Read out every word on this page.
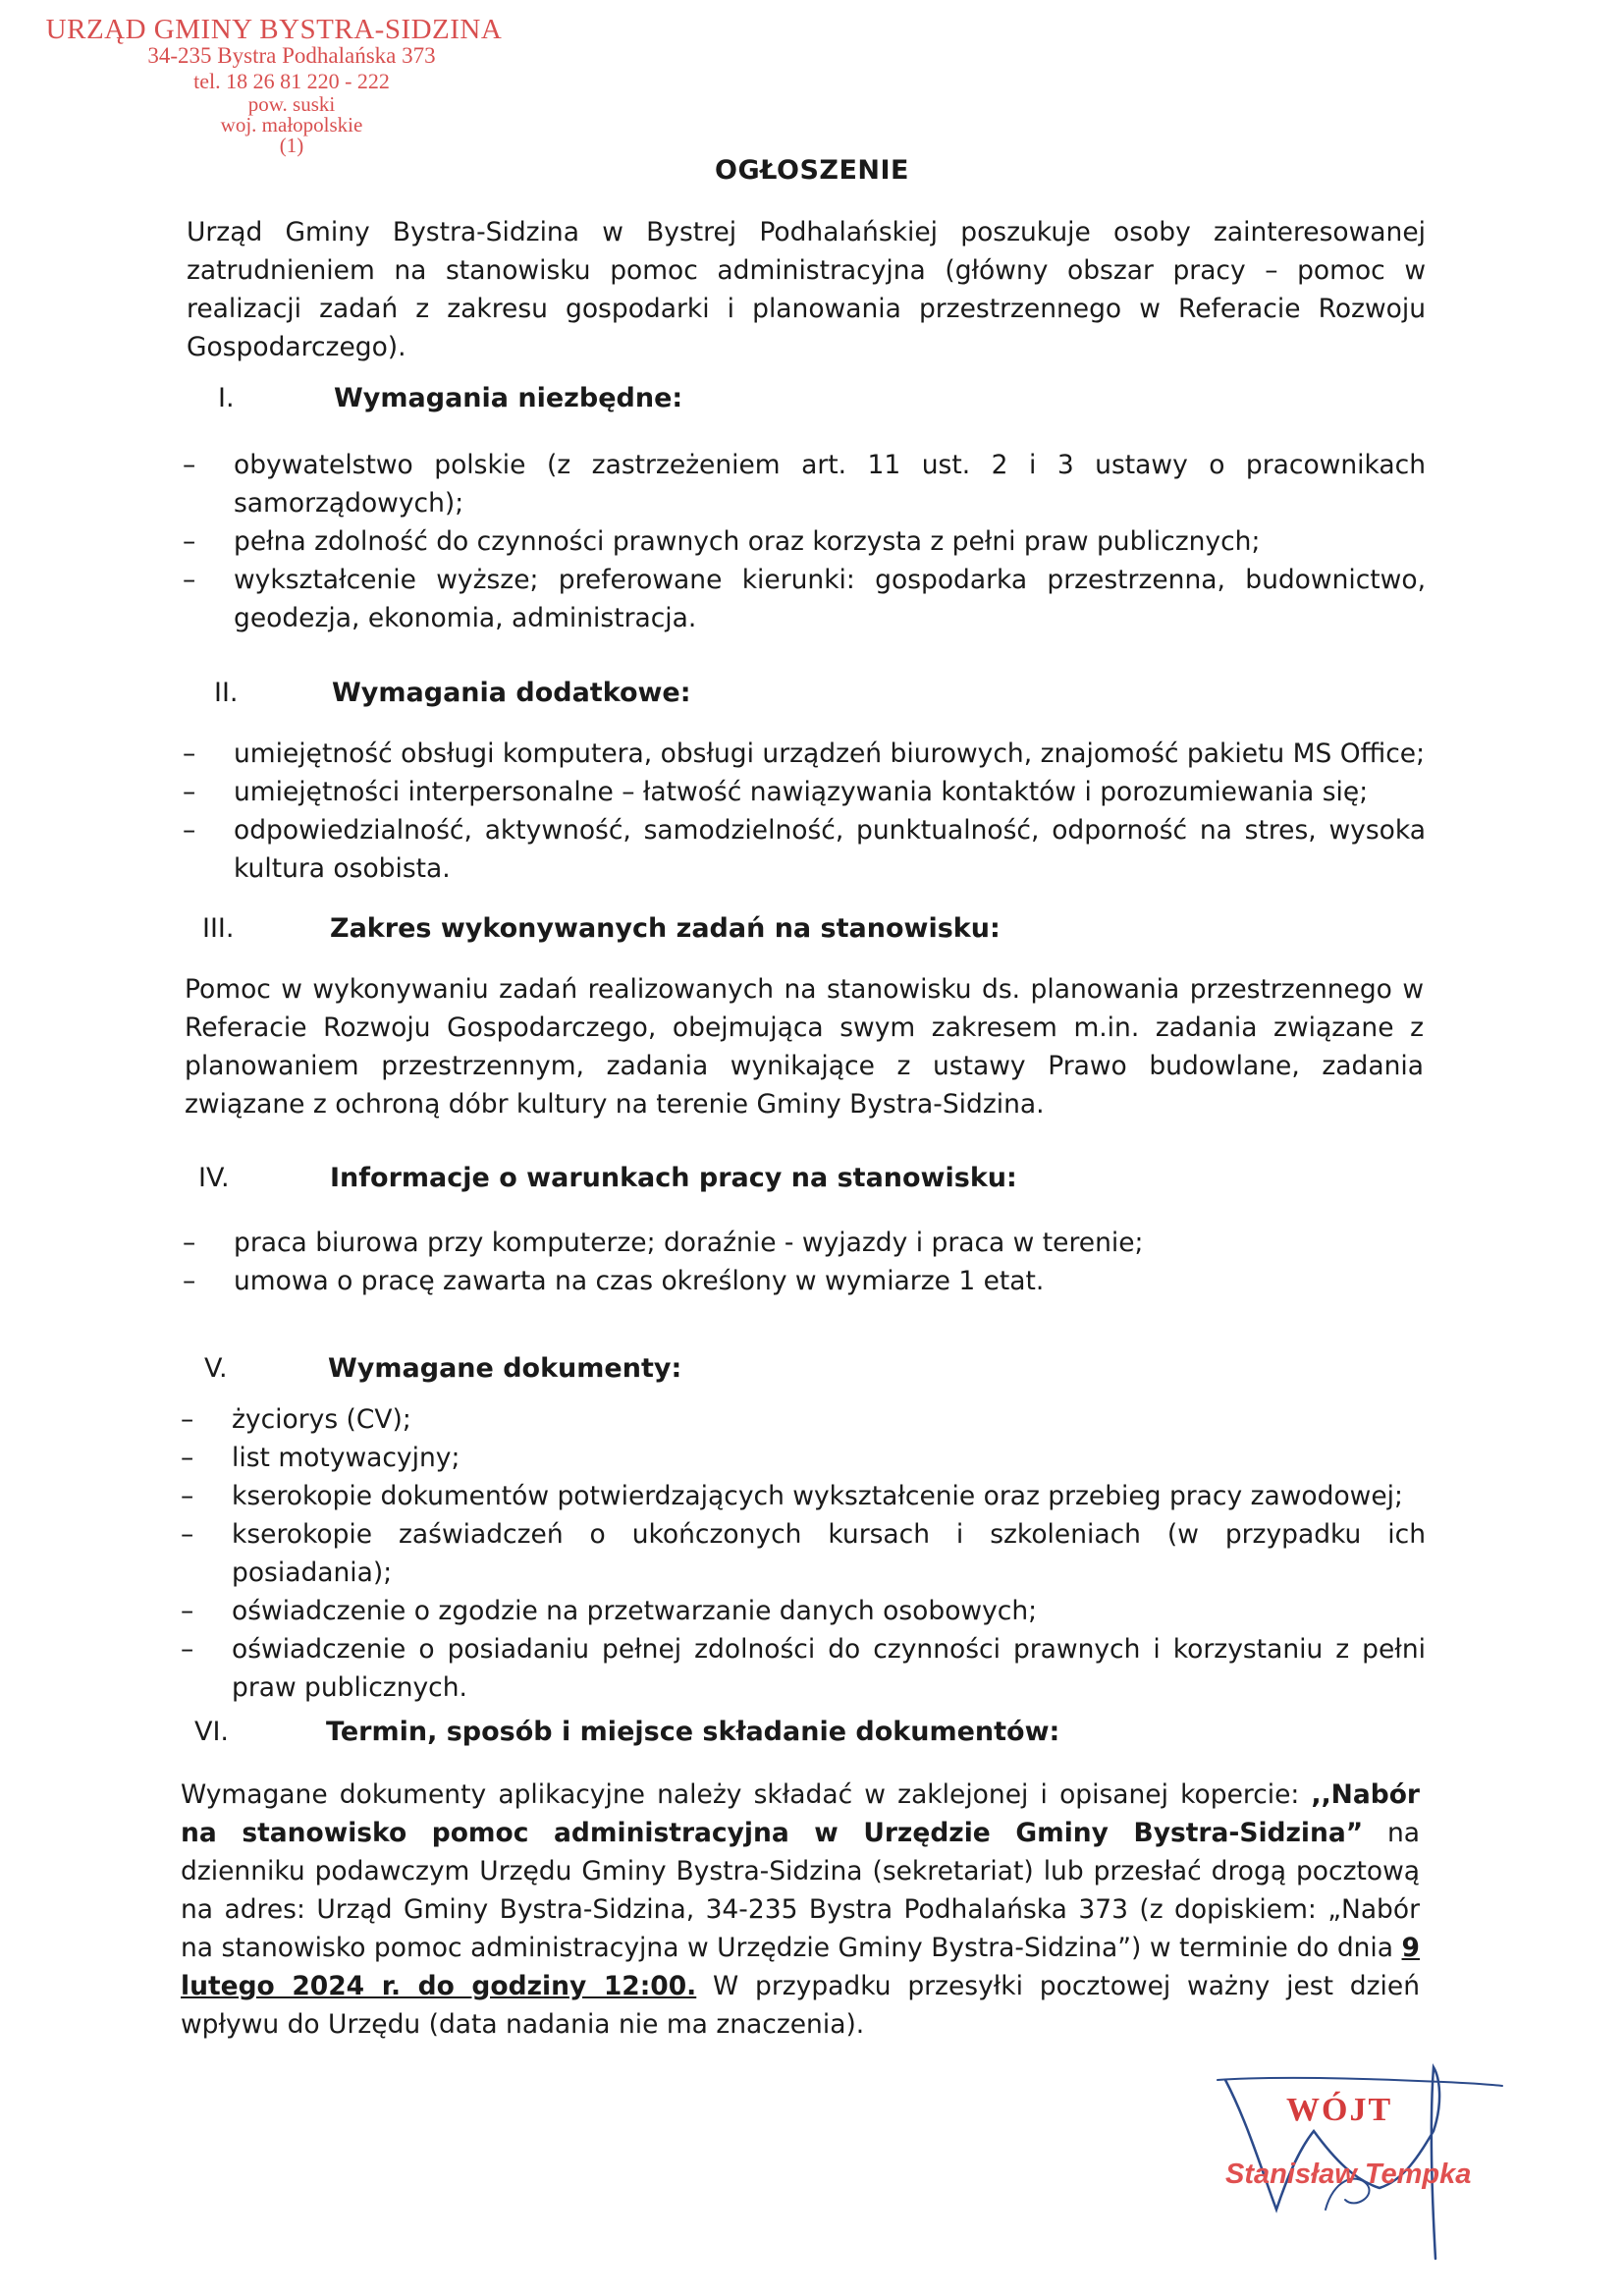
URZĄD GMINY BYSTRA-SIDZINA
34-235 Bystra Podhalańska 373
tel. 18 26 81 220 - 222
pow. suski
woj. małopolskie
(1)
OGŁOSZENIE

Urząd Gminy Bystra-Sidzina w Bystrej Podhalańskiej poszukuje osoby zainteresowanej zatrudnieniem na stanowisku pomoc administracyjna (główny obszar pracy – pomoc w realizacji zadań z zakresu gospodarki i planowania przestrzennego w Referacie Rozwoju Gospodarczego).

I.	Wymagania niezbędne:
– obywatelstwo polskie (z zastrzeżeniem art. 11 ust. 2 i 3 ustawy o pracownikach samorządowych);
– pełna zdolność do czynności prawnych oraz korzysta z pełni praw publicznych;
– wykształcenie wyższe; preferowane kierunki: gospodarka przestrzenna, budownictwo, geodezja, ekonomia, administracja.
II.	Wymagania dodatkowe:
– umiejętność obsługi komputera, obsługi urządzeń biurowych, znajomość pakietu MS Office;
– umiejętności interpersonalne – łatwość nawiązywania kontaktów i porozumiewania się;
– odpowiedzialność, aktywność, samodzielność, punktualność, odporność na stres, wysoka kultura osobista.
III.	Zakres wykonywanych zadań na stanowisku:
Pomoc w wykonywaniu zadań realizowanych na stanowisku ds. planowania przestrzennego w Referacie Rozwoju Gospodarczego, obejmująca swym zakresem m.in. zadania związane z planowaniem przestrzennym, zadania wynikające z ustawy Prawo budowlane, zadania związane z ochroną dóbr kultury na terenie Gminy Bystra-Sidzina.
IV.	Informacje o warunkach pracy na stanowisku:
– praca biurowa przy komputerze; doraźnie - wyjazdy i praca w terenie;
– umowa o pracę zawarta na czas określony w wymiarze 1 etat.
V.	Wymagane dokumenty:
– życiorys (CV);
– list motywacyjny;
– kserokopie dokumentów potwierdzających wykształcenie oraz przebieg pracy zawodowej;
– kserokopie zaświadczeń o ukończonych kursach i szkoleniach (w przypadku ich posiadania);
– oświadczenie o zgodzie na przetwarzanie danych osobowych;
– oświadczenie o posiadaniu pełnej zdolności do czynności prawnych i korzystaniu z pełni praw publicznych.
VI.	Termin, sposób i miejsce składanie dokumentów:
Wymagane dokumenty aplikacyjne należy składać w zaklejonej i opisanej kopercie: ,,Nabór na stanowisko pomoc administracyjna w Urzędzie Gminy Bystra-Sidzina” na dzienniku podawczym Urzędu Gminy Bystra-Sidzina (sekretariat) lub przesłać drogą pocztową na adres: Urząd Gminy Bystra-Sidzina, 34-235 Bystra Podhalańska 373 (z dopiskiem: „Nabór na stanowisko pomoc administracyjna w Urzędzie Gminy Bystra-Sidzina”) w terminie do dnia 9 lutego 2024 r. do godziny 12:00. W przypadku przesyłki pocztowej ważny jest dzień wpływu do Urzędu (data nadania nie ma znaczenia).
WÓJT
Stanisław Tempka
